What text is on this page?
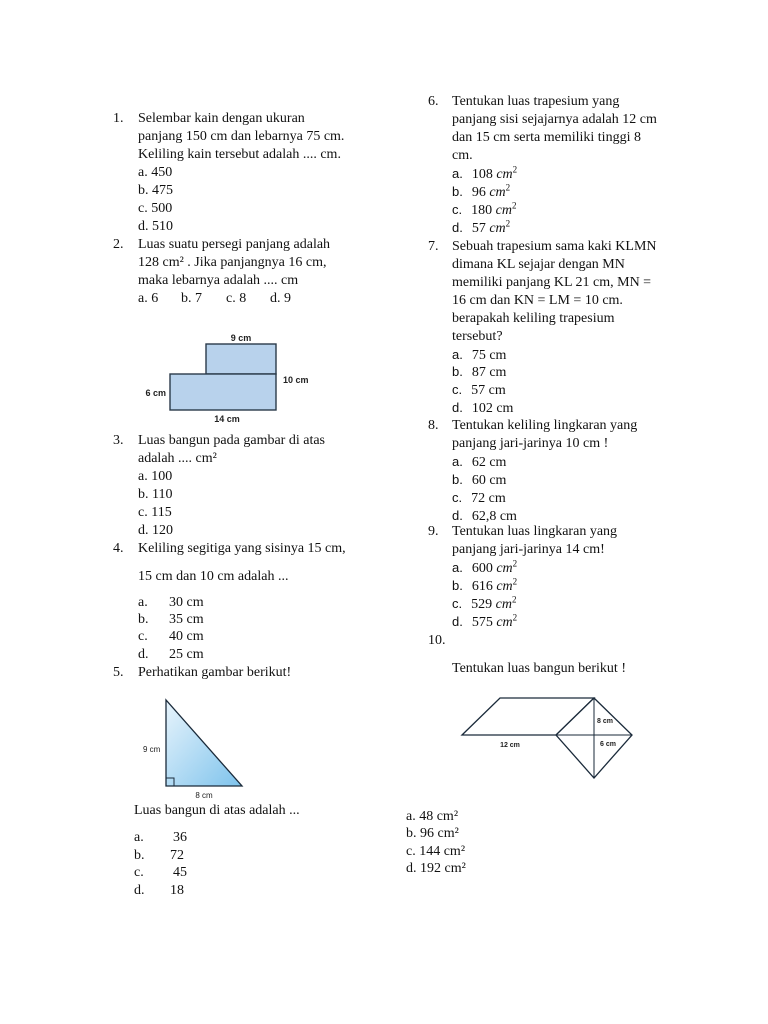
1. Selembar kain dengan ukuran
panjang 150 cm dan lebarnya 75 cm.
Keliling kain tersebut adalah .... cm.
a. 450
b. 475
c. 500
d. 510
2. Luas suatu persegi panjang adalah
128 cm² . Jika panjangnya 16 cm,
maka lebarnya adalah .... cm
a. 6 b. 7 c. 8 d. 9
9 cm
6 cm
10 cm
14 cm
3. Luas bangun pada gambar di atas
adalah .... cm²
a. 100
b. 110
c. 115
d. 120
4. Keliling segitiga yang sisinya 15 cm,
15 cm dan 10 cm adalah ...
a. 30 cm
b. 35 cm
c. 40 cm
d. 25 cm
5. Perhatikan gambar berikut!
9 cm
8 cm
Luas bangun di atas adalah ...
a. 36
b. 72
c. 45
d. 18
6. Tentukan luas trapesium yang
panjang sisi sejajarnya adalah 12 cm
dan 15 cm serta memiliki tinggi 8
cm.
a. 108 $cm^2$
b. 96 $cm^2$
c. 180 $cm^2$
d. 57 $cm^2$
7. Sebuah trapesium sama kaki KLMN
dimana KL sejajar dengan MN
memiliki panjang KL 21 cm, MN =
16 cm dan KN = LM = 10 cm.
berapakah keliling trapesium
tersebut?
a. 75 cm
b. 87 cm
c. 57 cm
d. 102 cm
8. Tentukan keliling lingkaran yang
panjang jari-jarinya 10 cm !
a. 62 cm
b. 60 cm
c. 72 cm
d. 62,8 cm
9. Tentukan luas lingkaran yang
panjang jari-jarinya 14 cm!
a. 600 $cm^2$
b. 616 $cm^2$
c. 529 $cm^2$
d. 575 $cm^2$
10.
Tentukan luas bangun berikut !
12 cm
8 cm
6 cm
a. 48 cm²
b. 96 cm²
c. 144 cm²
d. 192 cm²
